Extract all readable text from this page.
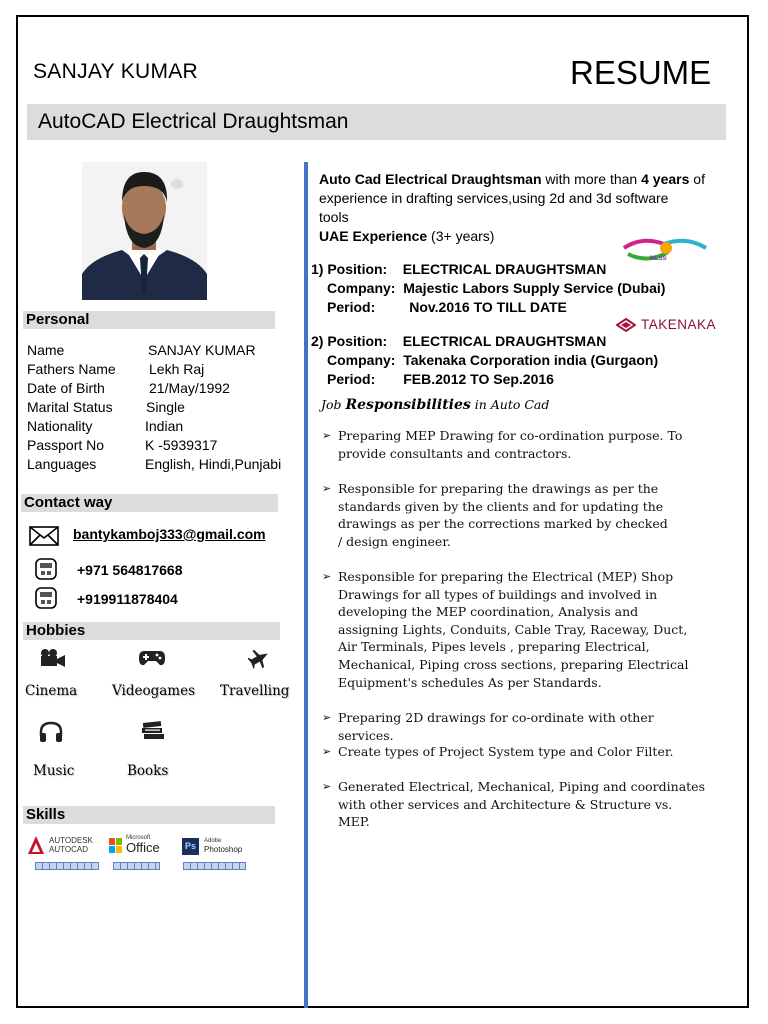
SANJAY KUMAR	RESUME
AutoCAD Electrical Draughtsman
Personal
Name	SANJAY KUMAR
Fathers Name Lekh Raj
Date of Birth	21/May/1992
Marital Status Single
Nationality	Indian
Passport No	K -5939317
Languages	English, Hindi,Punjabi
Contact way
bantykamboj333@gmail.com
+971 564817668
+919911878404
Hobbies
Cinema	Videogames Travelling
Music	Books
Skills
AUTODESK
AUTOCAD
Microsoft
Office	Ps	Adobe
Photoshop
Auto Cad Electrical Draughtsman with more than 4 years of
experience in drafting services,using 2d and 3d software
tools
UAE Experience (3+ years)
MLSS
1) Position: ELECTRICAL DRAUGHTSMAN
Company: Majestic Labors Supply Service (Dubai)
Period: Nov.2016 TO TILL DATE
TAKENAKA
2) Position: ELECTRICAL DRAUGHTSMAN
Company: Takenaka Corporation india (Gurgaon)
Period: FEB.2012 TO Sep.2016
Job Responsibilities in Auto Cad
➢ Preparing MEP Drawing for co-ordination purpose. To
provide consultants and contractors.
➢ Responsible for preparing the drawings as per the
standards given by the clients and for updating the
drawings as per the corrections marked by checked
/ design engineer.
➢ Responsible for preparing the Electrical (MEP) Shop
Drawings for all types of buildings and involved in
developing the MEP coordination, Analysis and
assigning Lights, Conduits, Cable Tray, Raceway, Duct,
Air Terminals, Pipes levels , preparing Electrical,
Mechanical, Piping cross sections, preparing Electrical
Equipment's schedules As per Standards.
➢ Preparing 2D drawings for co-ordinate with other
services.
➢ Create types of Project System type and Color Filter.
➢ Generated Electrical, Mechanical, Piping and coordinates
with other services and Architecture & Structure vs.
MEP.
